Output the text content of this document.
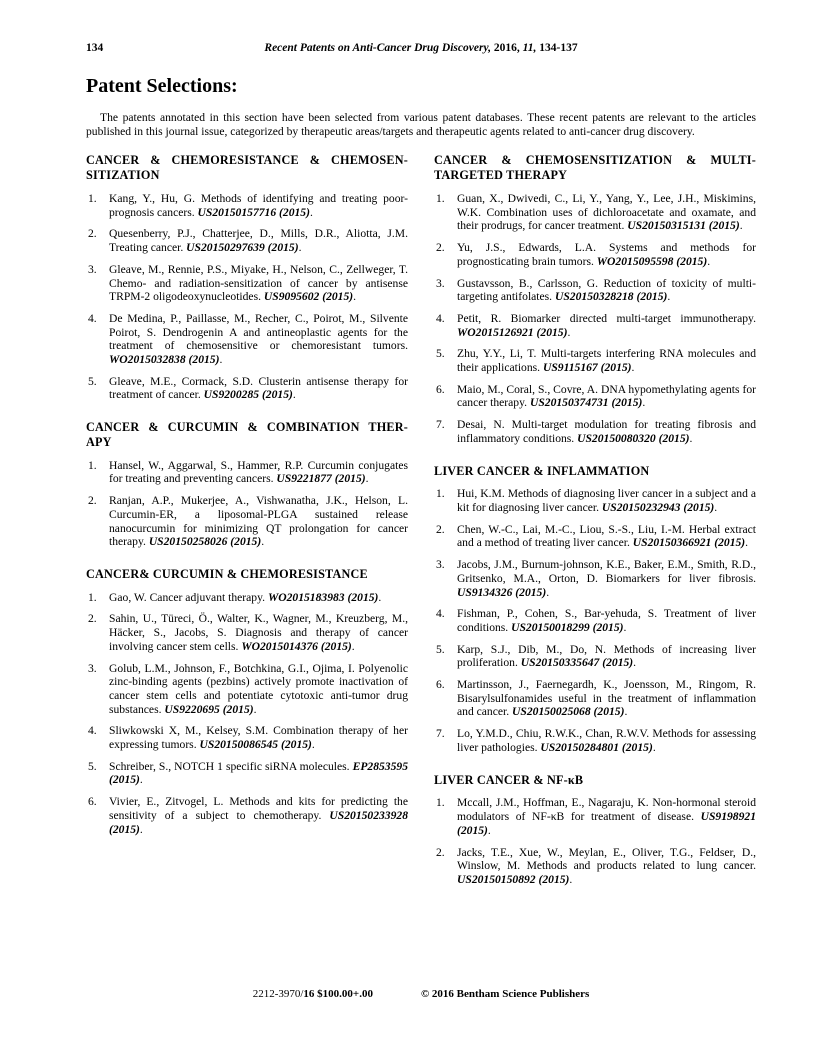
134	Recent Patents on Anti-Cancer Drug Discovery, 2016, 11, 134-137
Patent Selections:

The patents annotated in this section have been selected from various patent databases. These recent patents are relevant to the articles published in this journal issue, categorized by therapeutic areas/targets and therapeutic agents related to anti-cancer drug discovery.

CANCER & CHEMORESISTANCE & CHEMOSEN-
SITIZATION
1. Kang, Y., Hu, G. Methods of identifying and treating poor-prognosis cancers. US20150157716 (2015).
2. Quesenberry, P.J., Chatterjee, D., Mills, D.R., Aliotta, J.M. Treating cancer. US20150297639 (2015).
3. Gleave, M., Rennie, P.S., Miyake, H., Nelson, C., Zellweger, T. Chemo- and radiation-sensitization of cancer by antisense TRPM-2 oligodeoxynucleotides. US9095602 (2015).
4. De Medina, P., Paillasse, M., Recher, C., Poirot, M., Silvente Poirot, S. Dendrogenin A and antineoplastic agents for the treatment of chemosensitive or chemoresistant tumors. WO2015032838 (2015).
5. Gleave, M.E., Cormack, S.D. Clusterin antisense therapy for treatment of cancer. US9200285 (2015).
CANCER & CURCUMIN & COMBINATION THER-
APY
1. Hansel, W., Aggarwal, S., Hammer, R.P. Curcumin conjugates for treating and preventing cancers. US9221877 (2015).
2. Ranjan, A.P., Mukerjee, A., Vishwanatha, J.K., Helson, L. Curcumin-ER, a liposomal-PLGA sustained release nanocurcumin for minimizing QT prolongation for cancer therapy. US20150258026 (2015).
CANCER& CURCUMIN & CHEMORESISTANCE
1. Gao, W. Cancer adjuvant therapy. WO2015183983 (2015).
2. Sahin, U., Türeci, Ö., Walter, K., Wagner, M., Kreuzberg, M., Häcker, S., Jacobs, S. Diagnosis and therapy of cancer involving cancer stem cells. WO2015014376 (2015).
3. Golub, L.M., Johnson, F., Botchkina, G.I., Ojima, I. Polyenolic zinc-binding agents (pezbins) actively promote inactivation of cancer stem cells and potentiate cytotoxic anti-tumor drug substances. US9220695 (2015).
4. Sliwkowski X, M., Kelsey, S.M. Combination therapy of her expressing tumors. US20150086545 (2015).
5. Schreiber, S., NOTCH 1 specific siRNA molecules. EP2853595 (2015).
6. Vivier, E., Zitvogel, L. Methods and kits for predicting the sensitivity of a subject to chemotherapy. US20150233928 (2015).
CANCER & CHEMOSENSITIZATION & MULTI-
TARGETED THERAPY
1. Guan, X., Dwivedi, C., Li, Y., Yang, Y., Lee, J.H., Miskimins, W.K. Combination uses of dichloroacetate and oxamate, and their prodrugs, for cancer treatment. US20150315131 (2015).
2. Yu, J.S., Edwards, L.A. Systems and methods for prognosticating brain tumors. WO2015095598 (2015).
3. Gustavsson, B., Carlsson, G. Reduction of toxicity of multi-targeting antifolates. US20150328218 (2015).
4. Petit, R. Biomarker directed multi-target immunotherapy. WO2015126921 (2015).
5. Zhu, Y.Y., Li, T. Multi-targets interfering RNA molecules and their applications. US9115167 (2015).
6. Maio, M., Coral, S., Covre, A. DNA hypomethylating agents for cancer therapy. US20150374731 (2015).
7. Desai, N. Multi-target modulation for treating fibrosis and inflammatory conditions. US20150080320 (2015).
LIVER CANCER & INFLAMMATION
1. Hui, K.M. Methods of diagnosing liver cancer in a subject and a kit for diagnosing liver cancer. US20150232943 (2015).
2. Chen, W.-C., Lai, M.-C., Liou, S.-S., Liu, I.-M. Herbal extract and a method of treating liver cancer. US20150366921 (2015).
3. Jacobs, J.M., Burnum-johnson, K.E., Baker, E.M., Smith, R.D., Gritsenko, M.A., Orton, D. Biomarkers for liver fibrosis. US9134326 (2015).
4. Fishman, P., Cohen, S., Bar-yehuda, S. Treatment of liver conditions. US20150018299 (2015).
5. Karp, S.J., Dib, M., Do, N. Methods of increasing liver proliferation. US20150335647 (2015).
6. Martinsson, J., Faernegardh, K., Joensson, M., Ringom, R. Bisarylsulfonamides useful in the treatment of inflammation and cancer. US20150025068 (2015).
7. Lo, Y.M.D., Chiu, R.W.K., Chan, R.W.V. Methods for assessing liver pathologies. US20150284801 (2015).
LIVER CANCER & NF-κB
1. Mccall, J.M., Hoffman, E., Nagaraju, K. Non-hormonal steroid modulators of NF-κB for treatment of disease. US9198921 (2015).
2. Jacks, T.E., Xue, W., Meylan, E., Oliver, T.G., Feldser, D., Winslow, M. Methods and products related to lung cancer. US20150150892 (2015).
2212-3970/16 $100.00+.00	© 2016 Bentham Science Publishers
